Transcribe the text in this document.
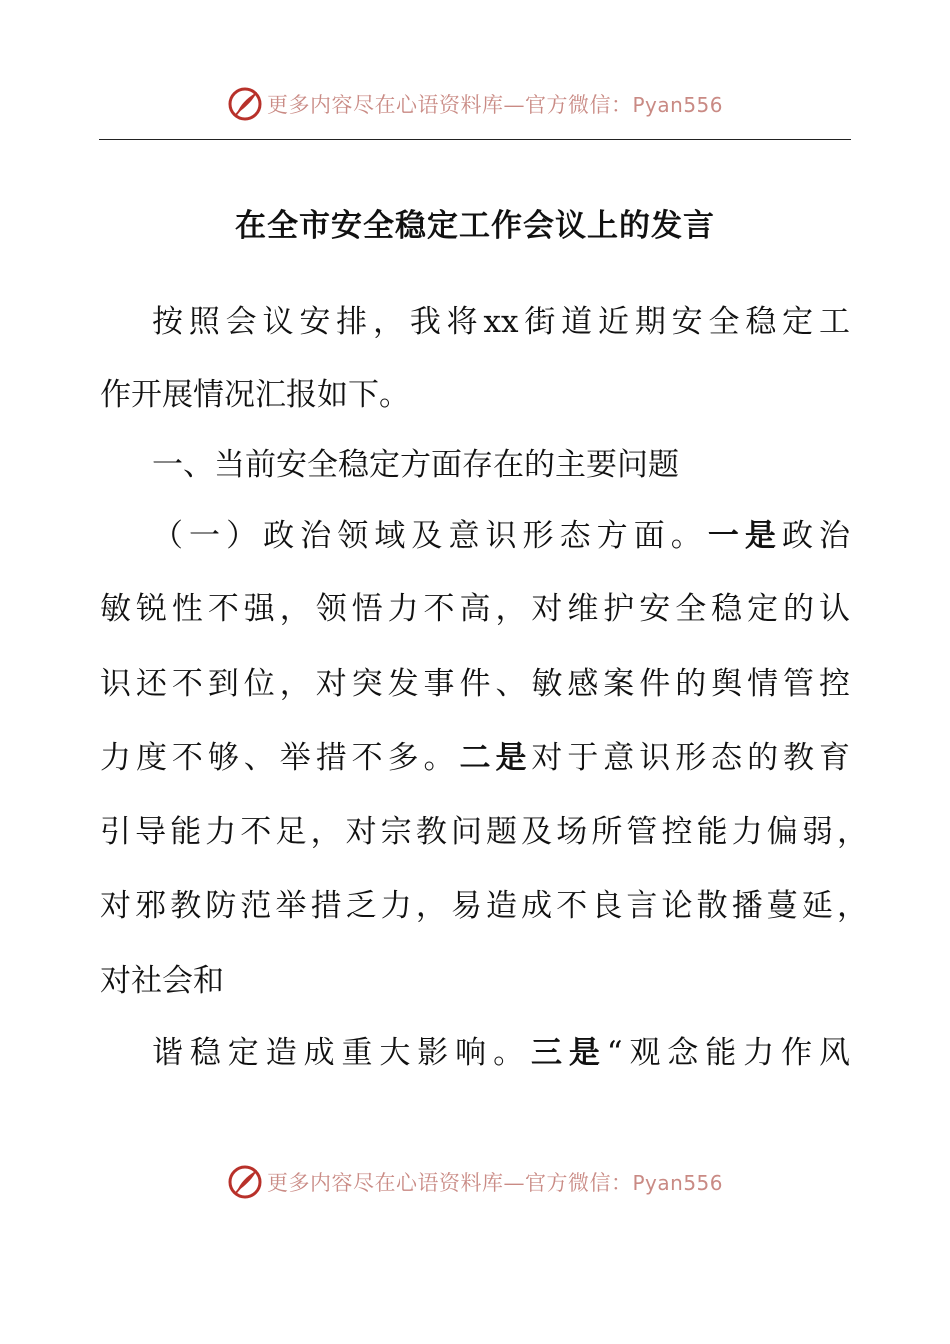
更多内容尽在心语资料库—官方微信：Pyan556
在全市安全稳定工作会议上的发言
按照会议安排，我将xx街道近期安全稳定工
作开展情况汇报如下。
一、当前安全稳定方面存在的主要问题
（一）政治领域及意识形态方面。一是政治
敏锐性不强，领悟力不高，对维护安全稳定的认
识还不到位，对突发事件、敏感案件的舆情管控
力度不够、举措不多。二是对于意识形态的教育
引导能力不足，对宗教问题及场所管控能力偏弱，
对邪教防范举措乏力，易造成不良言论散播蔓延，
对社会和
谐稳定造成重大影响。三是“观念能力作风
更多内容尽在心语资料库—官方微信：Pyan556
